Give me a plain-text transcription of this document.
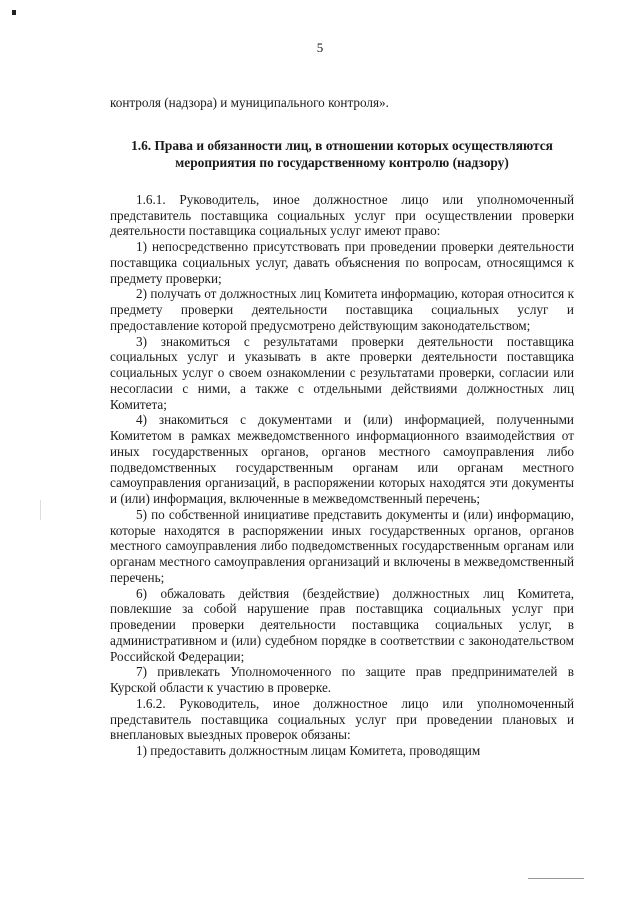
5

контроля (надзора) и муниципального контроля».

1.6. Права и обязанности лиц, в отношении которых осуществляются мероприятия по государственному контролю (надзору)

1.6.1. Руководитель, иное должностное лицо или уполномоченный представитель поставщика социальных услуг при осуществлении проверки деятельности поставщика социальных услуг имеют право:

1) непосредственно присутствовать при проведении проверки деятельности поставщика социальных услуг, давать объяснения по вопросам, относящимся к предмету проверки;

2) получать от должностных лиц Комитета информацию, которая относится к предмету проверки деятельности поставщика социальных услуг и предоставление которой предусмотрено действующим законодательством;

3) знакомиться с результатами проверки деятельности поставщика социальных услуг и указывать в акте проверки деятельности поставщика социальных услуг о своем ознакомлении с результатами проверки, согласии или несогласии с ними, а также с отдельными действиями должностных лиц Комитета;

4) знакомиться с документами и (или) информацией, полученными Комитетом в рамках межведомственного информационного взаимодействия от иных государственных органов, органов местного самоуправления либо подведомственных государственным органам или органам местного самоуправления организаций, в распоряжении которых находятся эти документы и (или) информация, включенные в межведомственный перечень;

5) по собственной инициативе представить документы и (или) информацию, которые находятся в распоряжении иных государственных органов, органов местного самоуправления либо подведомственных государственным органам или органам местного самоуправления организаций и включены в межведомственный перечень;

6) обжаловать действия (бездействие) должностных лиц Комитета, повлекшие за собой нарушение прав поставщика социальных услуг при проведении проверки деятельности поставщика социальных услуг, в административном и (или) судебном порядке в соответствии с законодательством Российской Федерации;

7) привлекать Уполномоченного по защите прав предпринимателей в Курской области к участию в проверке.

1.6.2. Руководитель, иное должностное лицо или уполномоченный представитель поставщика социальных услуг при проведении плановых и внеплановых выездных проверок обязаны:

1) предоставить должностным лицам Комитета, проводящим
